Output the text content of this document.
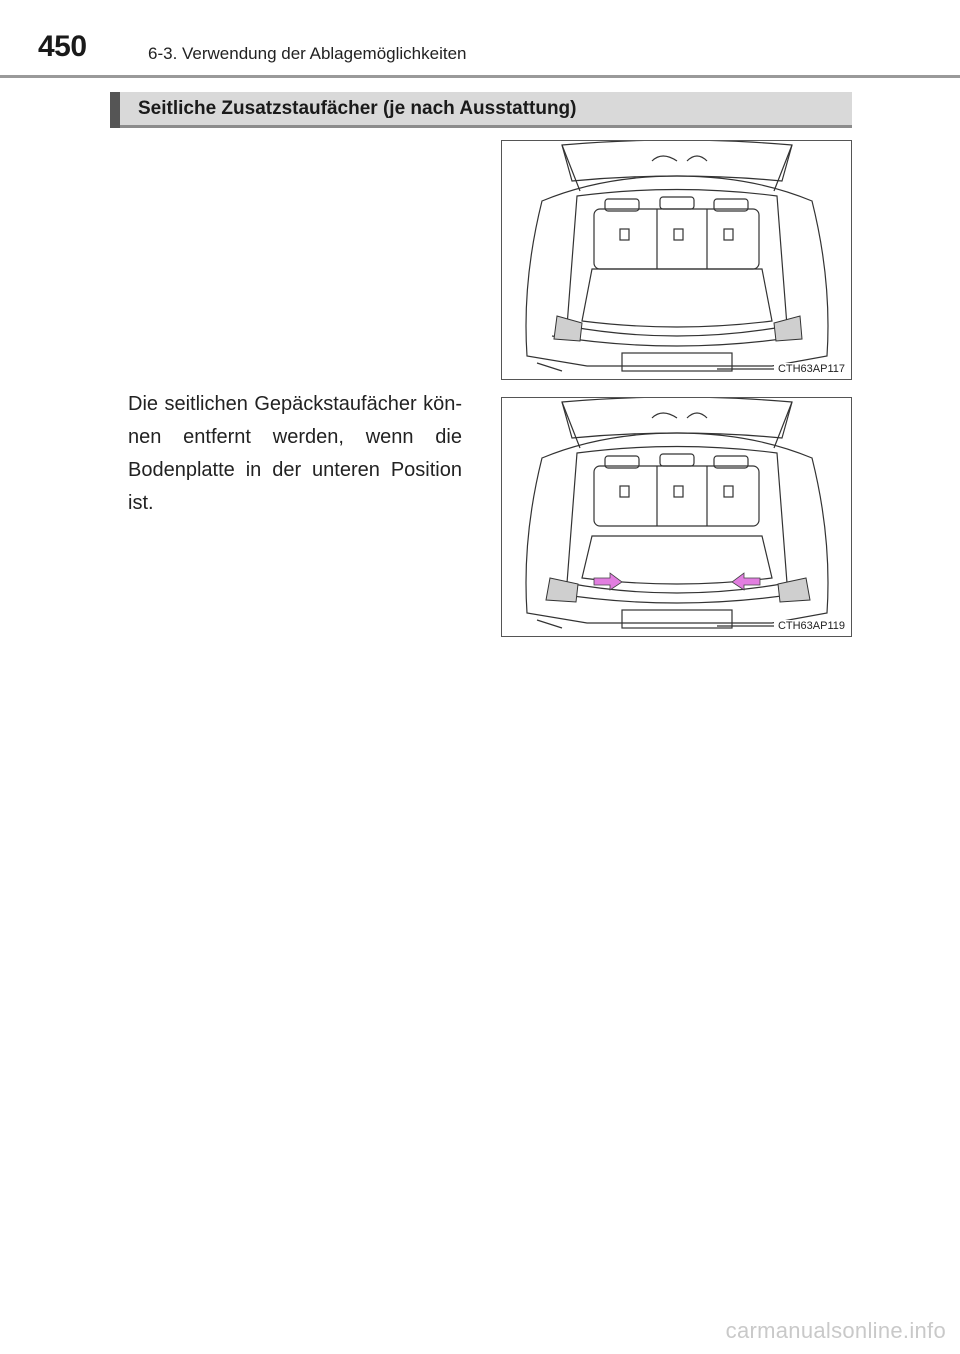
450	6-3. Verwendung der Ablagemöglichkeiten
Seitliche Zusatzstaufächer (je nach Ausstattung)
Die seitlichen Gepäckstaufächer kön-nen entfernt werden, wenn die Bodenplatte in der unteren Position ist.
CTH63AP117
CTH63AP119
carmanualsonline.info
